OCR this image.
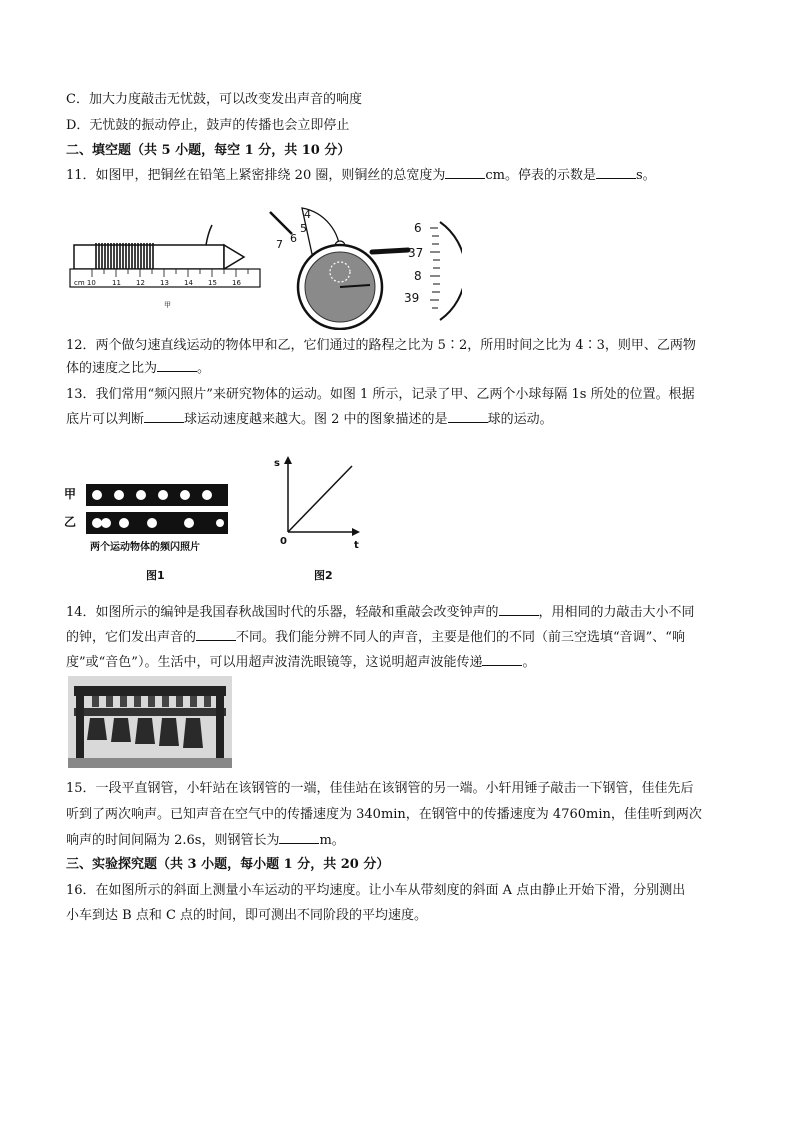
C．加大力度敲击无忧鼓，可以改变发出声音的响度
D．无忧鼓的振动停止，鼓声的传播也会立即停止
二、填空题（共 5 小题，每空 1 分，共 10 分）
11．如图甲，把铜丝在铅笔上紧密排绕 20 圈，则铜丝的总宽度为	cm。停表的示数是	s。
cm 10 11 12 13 14 15 16
甲
4
5
6
7
6
37
8
39
12．两个做匀速直线运动的物体甲和乙，它们通过的路程之比为 5∶2，所用时间之比为 4∶3，则甲、乙两物
体的速度之比为	。
13．我们常用“频闪照片”来研究物体的运动。如图 1 所示，记录了甲、乙两个小球每隔 1s 所处的位置。根据
底片可以判断	球运动速度越来越大。图 2 中的图象描述的是	球的运动。
甲
乙
两个运动物体的频闪照片
图1
s
t
0
图2
14．如图所示的编钟是我国春秋战国时代的乐器，轻敲和重敲会改变钟声的	，用相同的力敲击大小不同
的钟，它们发出声音的	不同。我们能分辨不同人的声音，主要是他们的不同（前三空选填“音调”、“响
度”或“音色”）。生活中，可以用超声波清洗眼镜等，这说明超声波能传递	。
15．一段平直钢管，小轩站在该钢管的一端，佳佳站在该钢管的另一端。小轩用锤子敲击一下钢管，佳佳先后
听到了两次响声。已知声音在空气中的传播速度为 340min，在钢管中的传播速度为 4760min，佳佳听到两次
响声的时间间隔为 2.6s，则钢管长为	m。
三、实验探究题（共 3 小题，每小题 1 分，共 20 分）
16．在如图所示的斜面上测量小车运动的平均速度。让小车从带刻度的斜面 A 点由静止开始下滑，分别测出
小车到达 B 点和 C 点的时间，即可测出不同阶段的平均速度。
